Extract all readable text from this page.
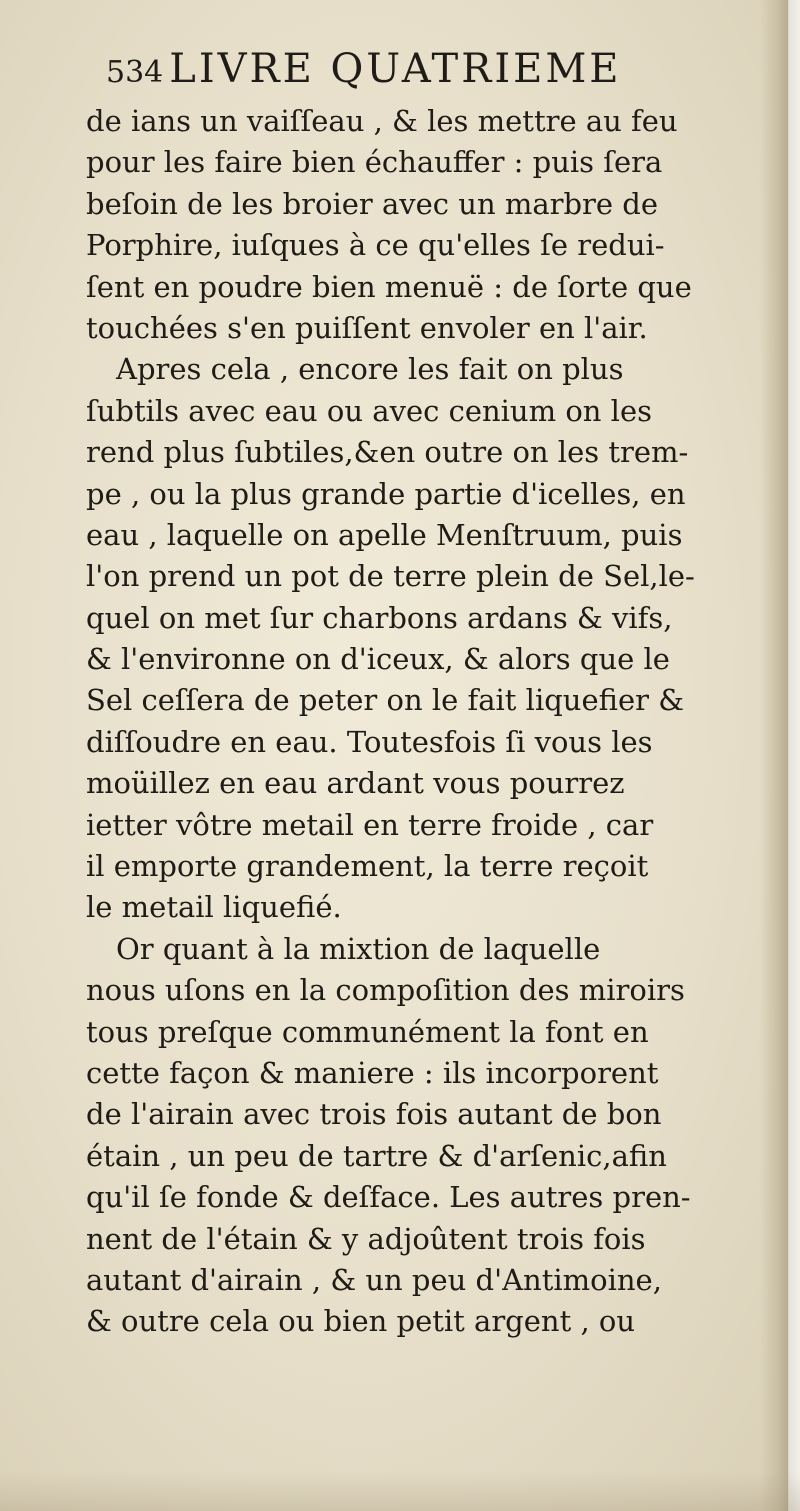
534 LIVRE QUATRIEME
de ians un vaiſſeau , & les mettre au feu
pour les faire bien échauffer : puis ſera
beſoin de les broier avec un marbre de
Porphire, iuſques à ce qu'elles ſe redui-
ſent en poudre bien menuë : de ſorte que
touchées s'en puiſſent envoler en l'air.
Apres cela , encore les fait on plus
ſubtils avec eau ou avec cenium on les
rend plus ſubtiles,&en outre on les trem-
pe , ou la plus grande partie d'icelles, en
eau , laquelle on apelle Menſtruum, puis
l'on prend un pot de terre plein de Sel,le-
quel on met ſur charbons ardans & vifs,
& l'environne on d'iceux, & alors que le
Sel ceſſera de peter on le fait liquefier &
diſſoudre en eau. Toutesfois ſi vous les
moüillez en eau ardant vous pourrez
ietter vôtre metail en terre froide , car
il emporte grandement, la terre reçoit
le metail liquefié.
Or quant à la mixtion de laquelle
nous uſons en la compoſition des miroirs
tous preſque communément la font en
cette façon & maniere : ils incorporent
de l'airain avec trois fois autant de bon
étain , un peu de tartre & d'arſenic,afin
qu'il ſe fonde & deſface. Les autres pren-
nent de l'étain & y adjoûtent trois fois
autant d'airain , & un peu d'Antimoine,
& outre cela ou bien petit argent , ou
